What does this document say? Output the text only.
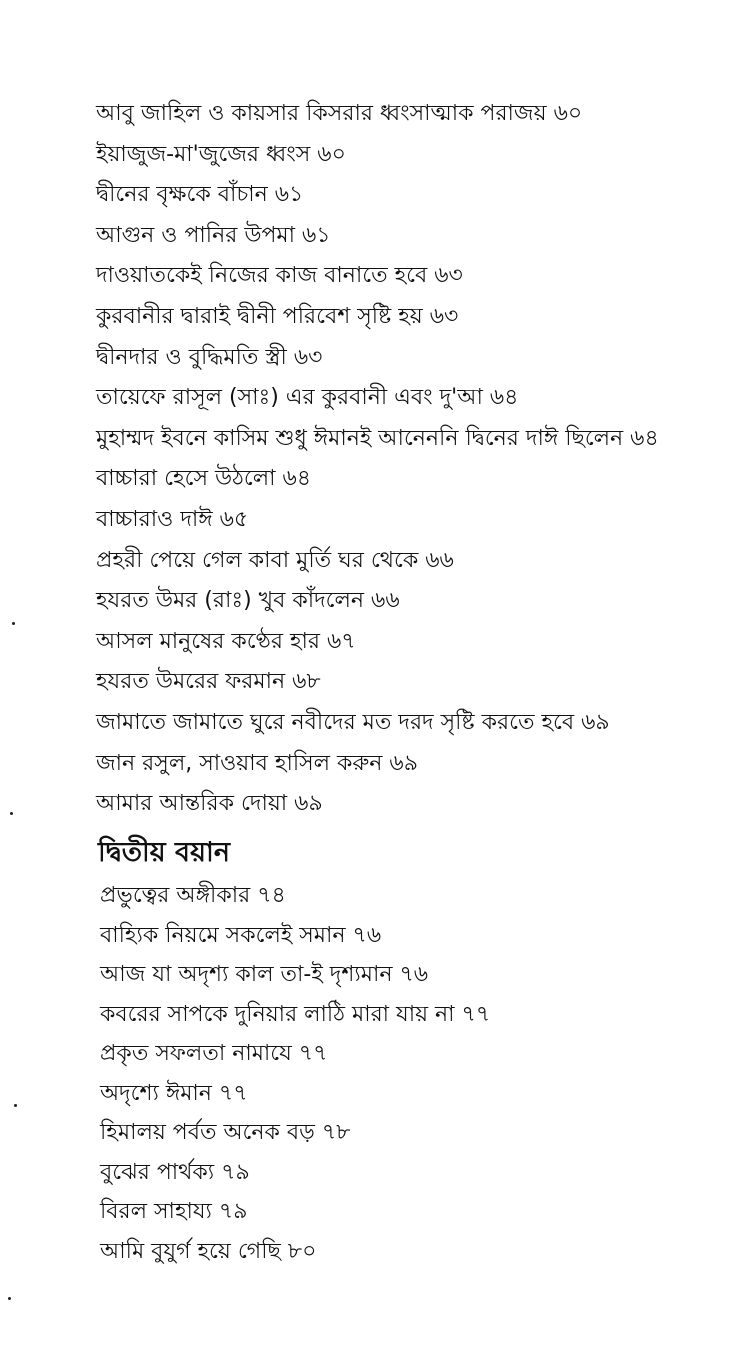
আবু জাহিল ও কায়সার কিসরার ধ্বংসাত্মাক পরাজয় ৬০
ইয়াজুজ-মা'জুজের ধ্বংস ৬০
দ্বীনের বৃক্ষকে বাঁচান ৬১
আগুন ও পানির উপমা ৬১
দাওয়াতকেই নিজের কাজ বানাতে হবে ৬৩
কুরবানীর দ্বারাই দ্বীনী পরিবেশ সৃষ্টি হয় ৬৩
দ্বীনদার ও বুদ্ধিমতি স্ত্রী ৬৩
তায়েফে রাসূল (সাঃ) এর কুরবানী এবং দু'আ ৬৪
মুহাম্মদ ইবনে কাসিম শুধু ঈমানই আনেননি দ্বিনের দাঈ ছিলেন ৬৪
বাচ্চারা হেসে উঠলো ৬৪
বাচ্চারাও দাঈ ৬৫
প্রহরী পেয়ে গেল কাবা মুর্তি ঘর থেকে ৬৬
হযরত উমর (রাঃ) খুব কাঁদলেন ৬৬
আসল মানুষের কণ্ঠের হার ৬৭
হযরত উমরের ফরমান ৬৮
জামাতে জামাতে ঘুরে নবীদের মত দরদ সৃষ্টি করতে হবে ৬৯
জান রসুল, সাওয়াব হাসিল করুন ৬৯
আমার আন্তরিক দোয়া ৬৯
দ্বিতীয় বয়ান
প্রভুত্বের অঙ্গীকার ৭৪
বাহ্যিক নিয়মে সকলেই সমান ৭৬
আজ যা অদৃশ্য কাল তা-ই দৃশ্যমান ৭৬
কবরের সাপকে দুনিয়ার লাঠি মারা যায় না ৭৭
প্রকৃত সফলতা নামাযে ৭৭
অদৃশ্যে ঈমান ৭৭
হিমালয় পর্বত অনেক বড় ৭৮
বুঝের পার্থক্য ৭৯
বিরল সাহায্য ৭৯
আমি বুযুর্গ হয়ে গেছি ৮০
